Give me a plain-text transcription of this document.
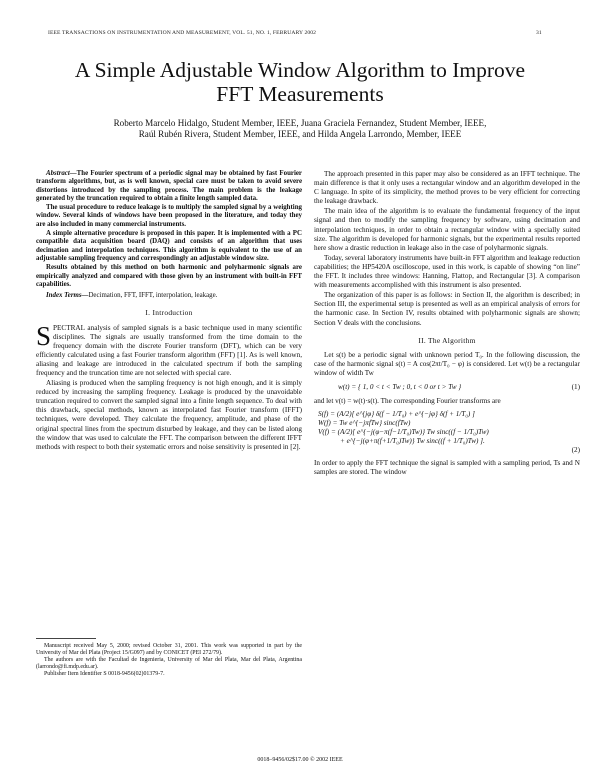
IEEE TRANSACTIONS ON INSTRUMENTATION AND MEASUREMENT, VOL. 51, NO. 1, FEBRUARY 2002	31
A Simple Adjustable Window Algorithm to Improve
FFT Measurements
Roberto Marcelo Hidalgo, Student Member, IEEE, Juana Graciela Fernandez, Student Member, IEEE,
Raúl Rubén Rivera, Student Member, IEEE, and Hilda Angela Larrondo, Member, IEEE

Abstract—The Fourier spectrum of a periodic signal may be obtained by fast Fourier transform algorithms, but, as is well known, special care must be taken to avoid severe distortions introduced by the sampling process. The main problem is the leakage generated by the truncation required to obtain a finite length sampled data.

The usual procedure to reduce leakage is to multiply the sampled signal by a weighting window. Several kinds of windows have been proposed in the literature, and today they are also included in many commercial instruments.

A simple alternative procedure is proposed in this paper. It is implemented with a PC compatible data acquisition board (DAQ) and consists of an algorithm that uses decimation and interpolation techniques. This algorithm is equivalent to the use of an adjustable sampling frequency and correspondingly an adjustable window size.

Results obtained by this method on both harmonic and polyharmonic signals are empirically analyzed and compared with those given by an instrument with built-in FFT capabilities.

Index Terms—Decimation, FFT, IFFT, interpolation, leakage.
I. Introduction

SPECTRAL analysis of sampled signals is a basic technique used in many scientific disciplines. The signals are usually transformed from the time domain to the frequency domain with the discrete Fourier transform (DFT), which can be very efficiently calculated using a fast Fourier transform algorithm (FFT) [1]. As is well known, aliasing and leakage are introduced in the calculated spectrum if both the sampling frequency and the truncation time are not selected with special care.

Aliasing is produced when the sampling frequency is not high enough, and it is simply reduced by increasing the sampling frequency. Leakage is produced by the unavoidable truncation required to convert the sampled signal into a finite length sequence. To deal with this drawback, special methods, known as interpolated fast Fourier transform (IFFT) techniques, were developed. They calculate the frequency, amplitude, and phase of the original spectral lines from the spectrum disturbed by leakage, and they can be listed along the window that was used to calculate the FFT. The comparison between the different IFFT methods with respect to both their systematic errors and noise sensitivity is presented in [2].

Manuscript received May 5, 2000; revised October 31, 2001. This work was supported in part by the University of Mar del Plata (Project 15/G097) and by CONICET (PEI 272/79).

The authors are with the Facultad de Ingenieria, University of Mar del Plata, Mar del Plata, Argentina (larrondo@fi.mdp.edu.ar).

Publisher Item Identifier S 0018-9456(02)01379-7.

The approach presented in this paper may also be considered as an IFFT technique. The main difference is that it only uses a rectangular window and an algorithm developed in the C language. In spite of its simplicity, the method proves to be very efficient for correcting the leakage drawback.

The main idea of the algorithm is to evaluate the fundamental frequency of the input signal and then to modify the sampling frequency by software, using decimation and interpolation techniques, in order to obtain a rectangular window with a specially suited size. The algorithm is developed for harmonic signals, but the experimental results reported here show a drastic reduction in leakage also in the case of polyharmonic signals.

Today, several laboratory instruments have built-in FFT algorithm and leakage reduction capabilities; the HP5420A oscilloscope, used in this work, is capable of showing “on line” the FFT. It includes three windows: Hanning, Flattop, and Rectangular [3]. A comparison with measurements accomplished with this instrument is also presented.

The organization of this paper is as follows: in Section II, the algorithm is described; in Section III, the experimental setup is presented as well as an empirical analysis of errors for the harmonic case. In Section IV, results obtained with polyharmonic signals are shown; Section V deals with the conclusions.

II. The Algorithm

Let s(t) be a periodic signal with unknown period T₀. In the following discussion, the case of the harmonic signal s(t) = A cos(2πt/T₀ − φ) is considered. Let w(t) be a rectangular window of width Tw

w(t) = { 1, 0 < t < Tw ; 0, t < 0 or t > Tw }	(1)

and let v(t) = w(t)·s(t). The corresponding Fourier transforms are

S(f) = (A/2)[ e^{jφ} δ(f − 1/T₀) + e^{−jφ} δ(f + 1/T₀) ]
W(f) = Tw e^{−jπfTw} sinc(fTw)
V(f) = (A/2)[ e^{−j(φ−π(f−1/T₀)Tw)} Tw sinc((f − 1/T₀)Tw)
+ e^{−j(φ+π(f+1/T₀)Tw)} Tw sinc((f + 1/T₀)Tw) ].
(2)

In order to apply the FFT technique the signal is sampled with a sampling period, Ts and N samples are stored. The window

0018–9456/02$17.00 © 2002 IEEE
